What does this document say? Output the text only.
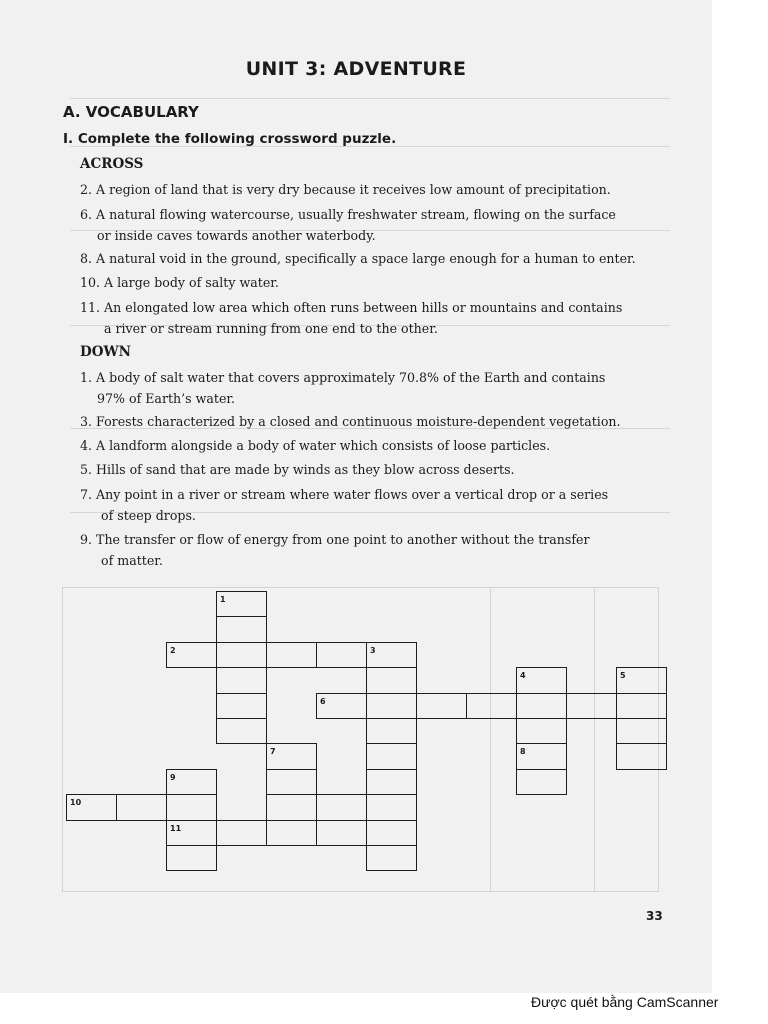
UNIT 3: ADVENTURE
A. VOCABULARY
I. Complete the following crossword puzzle.
ACROSS
2. A region of land that is very dry because it receives low amount of precipitation.
6. A natural flowing watercourse, usually freshwater stream, flowing on the surface
or inside caves towards another waterbody.
8. A natural void in the ground, specifically a space large enough for a human to enter.
10. A large body of salty water.
11. An elongated low area which often runs between hills or mountains and contains
a river or stream running from one end to the other.
DOWN
1. A body of salt water that covers approximately 70.8% of the Earth and contains
97% of Earth’s water.
3. Forests characterized by a closed and continuous moisture-dependent vegetation.
4. A landform alongside a body of water which consists of loose particles.
5. Hills of sand that are made by winds as they blow across deserts.
7. Any point in a river or stream where water flows over a vertical drop or a series
of steep drops.
9. The transfer or flow of energy from one point to another without the transfer
of matter.
1
2	3
4	5
6
7	8
9
10
11
33
Được quét bằng CamScanner
